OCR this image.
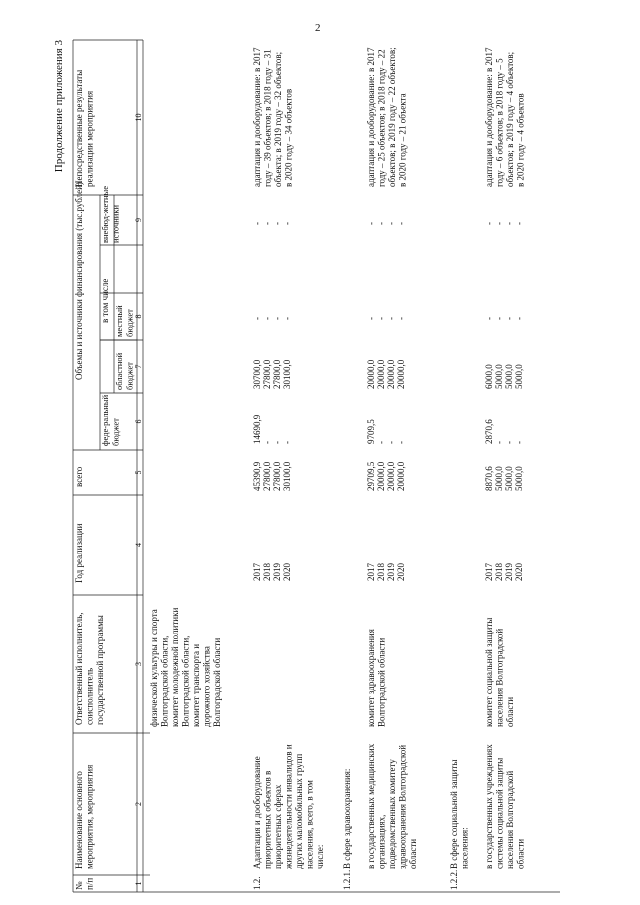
2
Продолжение приложения 3
№ п/п
Наименование основного мероприятия, мероприятия
Ответственный исполнитель, соисполнитель государственной программы
Год реализации
всего
Объемы и источники финансирования (тыс.рублей) в том числе
феде-ральный бюджет
областной бюджет
местный бюджет
внебюд-жетные источники
Непосредственные результаты реализации мероприятия
1
2
3
4
5
6
7
8
9
10
физической культуры и спорта Волгоградской области, комитет молодежной политики Волгоградской области, комитет транспорта и дорожного хозяйства Волгоградской области
1.2.
Адаптация и дооборудование приоритетных объектов в приоритетных сферах жизнедеятельности инвалидов и других маломобильных групп населения, всего, в том числе:
2017 2018 2019 2020
45390,9 27800,0 27800,0 30100,0
14690,9 - - -
30700,0 27800,0 27800,0 30100,0
- - - -
- - - -
адаптация и дооборудование: в 2017 году – 39 объектов; в 2018 году – 31 объекта; в 2019 году – 32 объектов; в 2020 году – 34 объектов
1.2.1.
В сфере здравоохранения: в государственных медицинских организациях, подведомственных комитету здравоохранения Волгоградской области
комитет здравоохранения Волгоградской области
2017 2018 2019 2020
29709,5 20000,0 20000,0 20000,0
9709,5 - - -
20000,0 20000,0 20000,0 20000,0
- - - -
- - - -
адаптация и дооборудование: в 2017 году – 25 объектов; в 2018 году – 22 объектов; в 2019 году – 22 объектов; в 2020 году – 21 объекта
1.2.2.
В сфере социальной защиты населения: в государственных учреждениях системы социальной защиты населения Волгоградской области
комитет социальной защиты населения Волгоградской области
2017 2018 2019 2020
8870,6 5000,0 5000,0 5000,0
2870,6 - - -
6000,0 5000,0 5000,0 5000,0
- - - -
- - - -
адаптация и дооборудование: в 2017 году – 6 объектов; в 2018 году – 5 объектов; в 2019 году – 4 объектов; в 2020 году – 4 объектов
